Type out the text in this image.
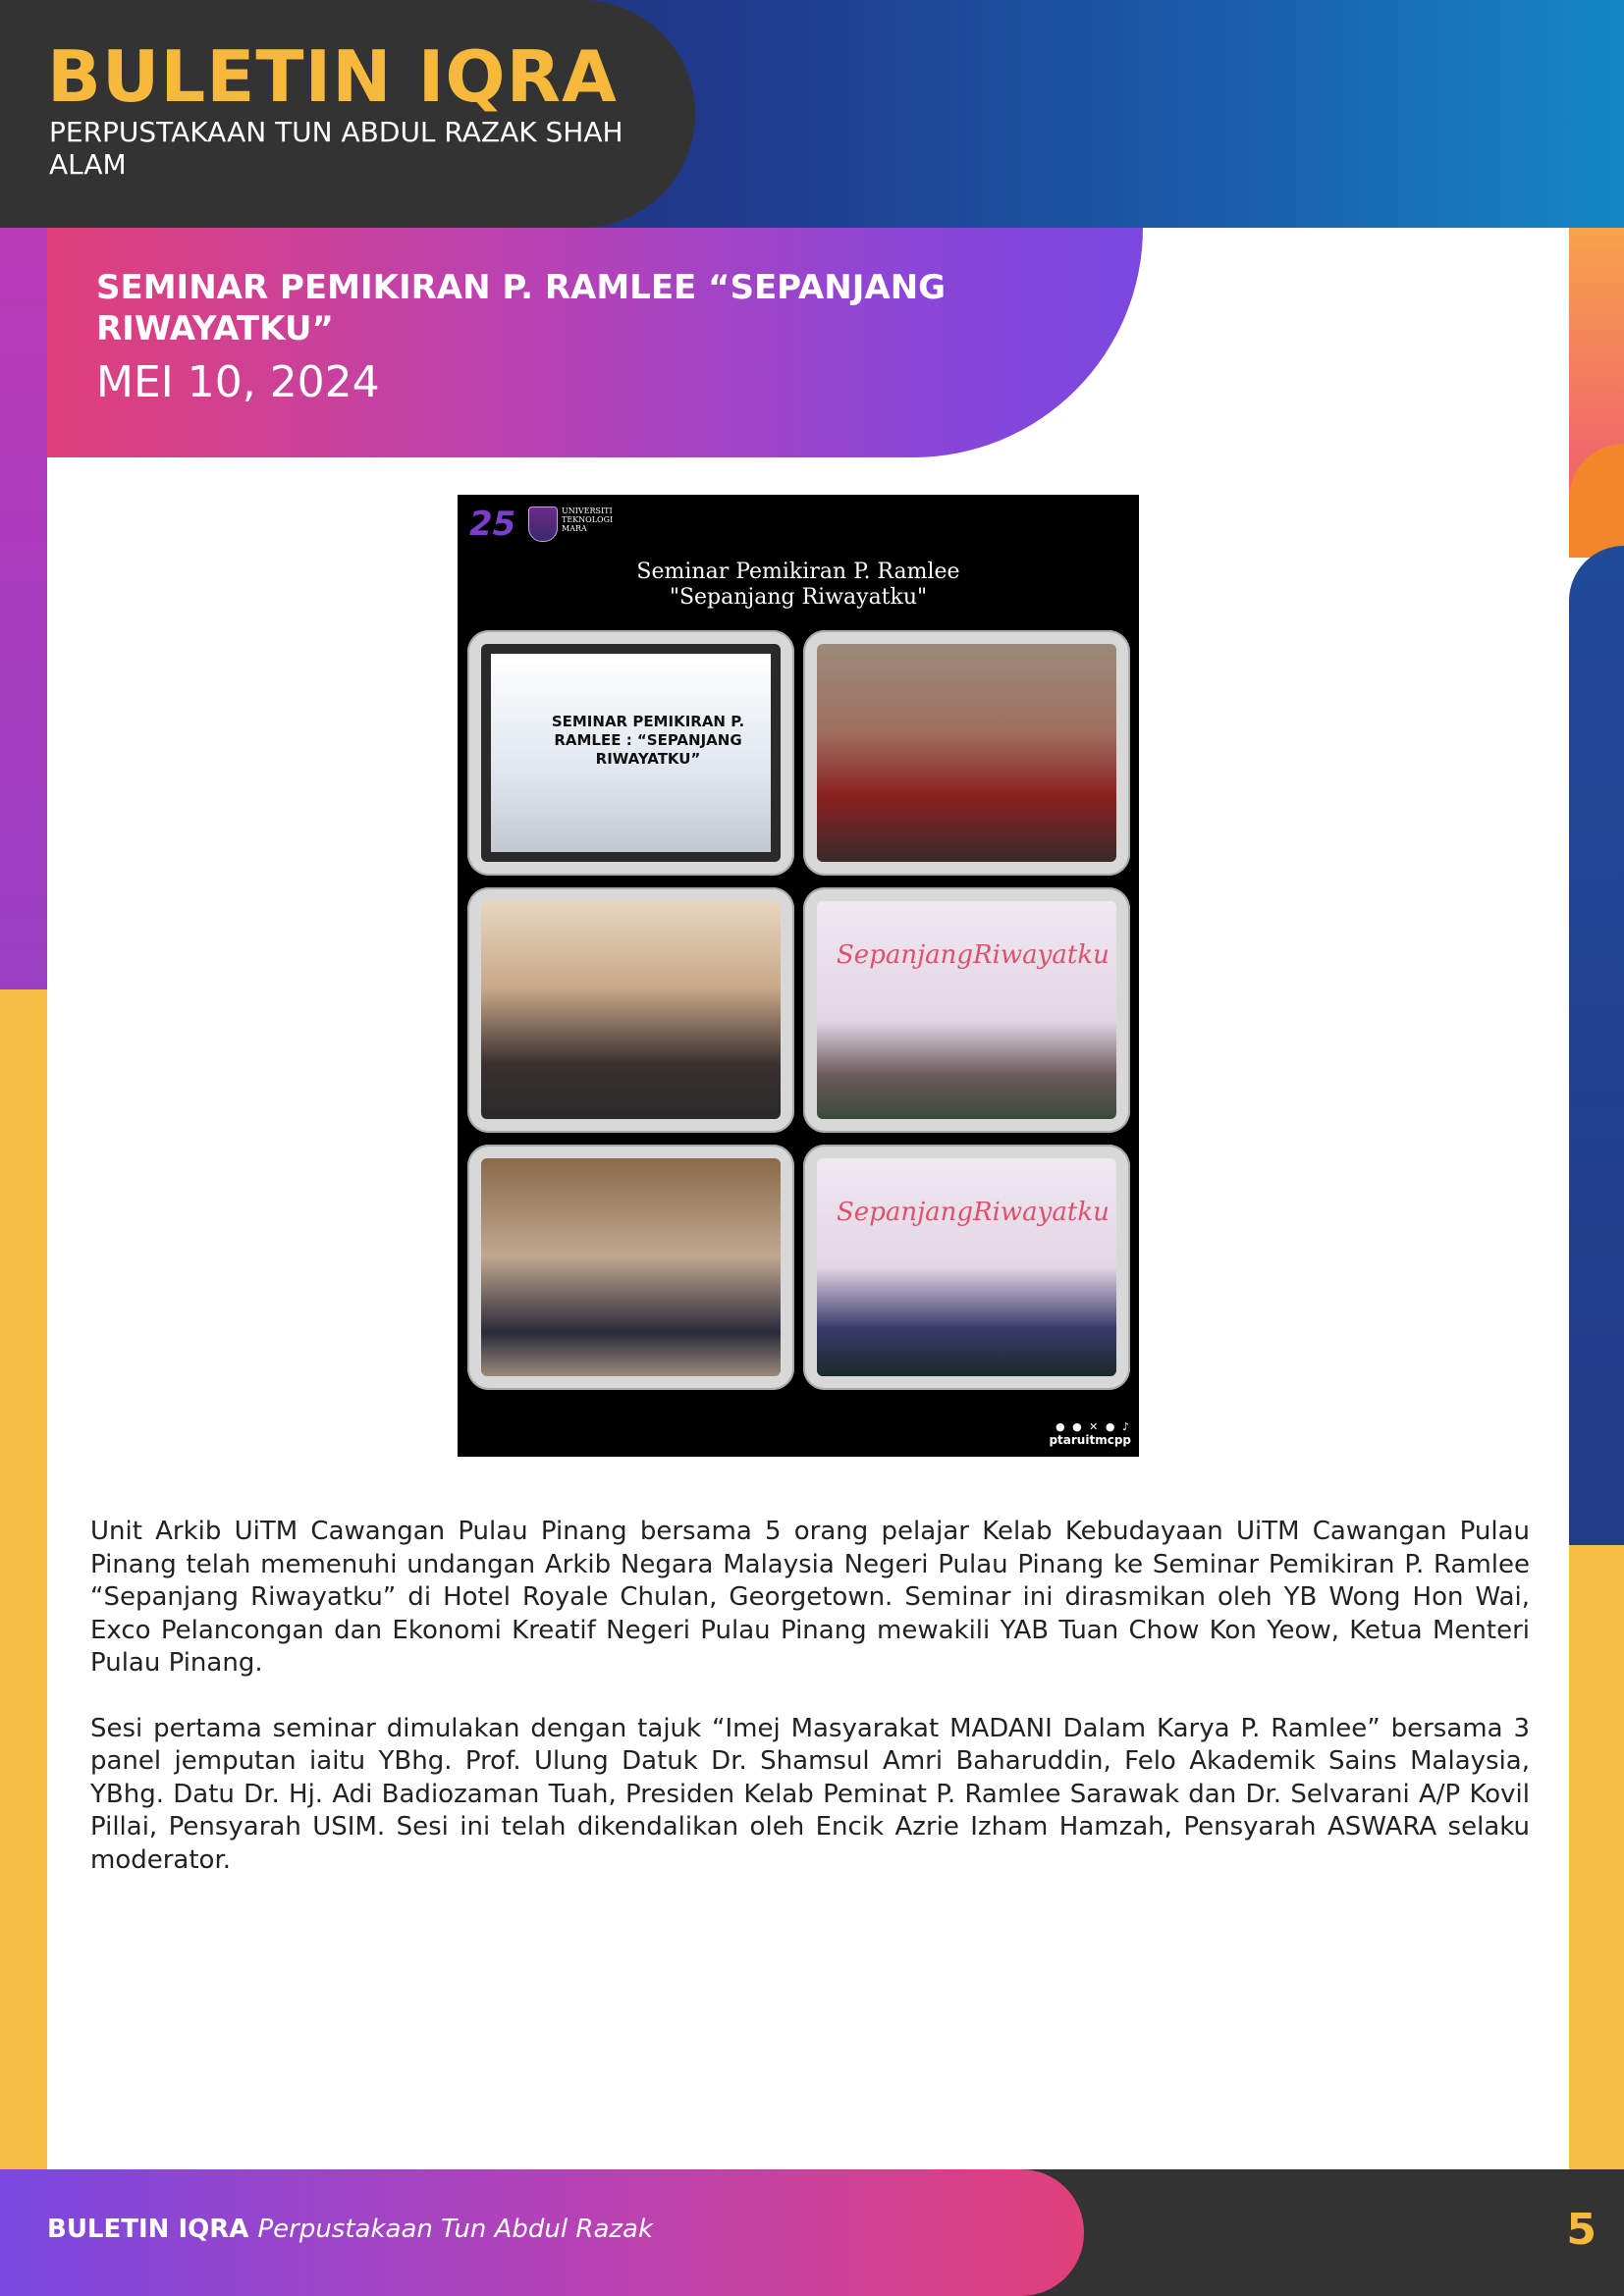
BULETIN IQRA
PERPUSTAKAAN TUN ABDUL RAZAK SHAH ALAM
SEMINAR PEMIKIRAN P. RAMLEE “SEPANJANG RIWAYATKU”
MEI 10, 2024
25	UNIVERSITI TEKNOLOGI MARA
Seminar Pemikiran P. Ramlee
"Sepanjang Riwayatku"
SEMINAR PEMIKIRAN P. RAMLEE : “SEPANJANG RIWAYATKU”
SepanjangRiwayatku
SepanjangRiwayatku
● ● ✕ ● ♪
ptaruitmcpp

Unit Arkib UiTM Cawangan Pulau Pinang bersama 5 orang pelajar Kelab Kebudayaan UiTM Cawangan Pulau Pinang telah memenuhi undangan Arkib Negara Malaysia Negeri Pulau Pinang ke Seminar Pemikiran P. Ramlee “Sepanjang Riwayatku” di Hotel Royale Chulan, Georgetown. Seminar ini dirasmikan oleh YB Wong Hon Wai, Exco Pelancongan dan Ekonomi Kreatif Negeri Pulau Pinang mewakili YAB Tuan Chow Kon Yeow, Ketua Menteri Pulau Pinang.

Sesi pertama seminar dimulakan dengan tajuk “Imej Masyarakat MADANI Dalam Karya P. Ramlee” bersama 3 panel jemputan iaitu YBhg. Prof. Ulung Datuk Dr. Shamsul Amri Baharuddin, Felo Akademik Sains Malaysia, YBhg. Datu Dr. Hj. Adi Badiozaman Tuah, Presiden Kelab Peminat P. Ramlee Sarawak dan Dr. Selvarani A/P Kovil Pillai, Pensyarah USIM. Sesi ini telah dikendalikan oleh Encik Azrie Izham Hamzah, Pensyarah ASWARA selaku moderator.

BULETIN IQRA Perpustakaan Tun Abdul Razak	5
